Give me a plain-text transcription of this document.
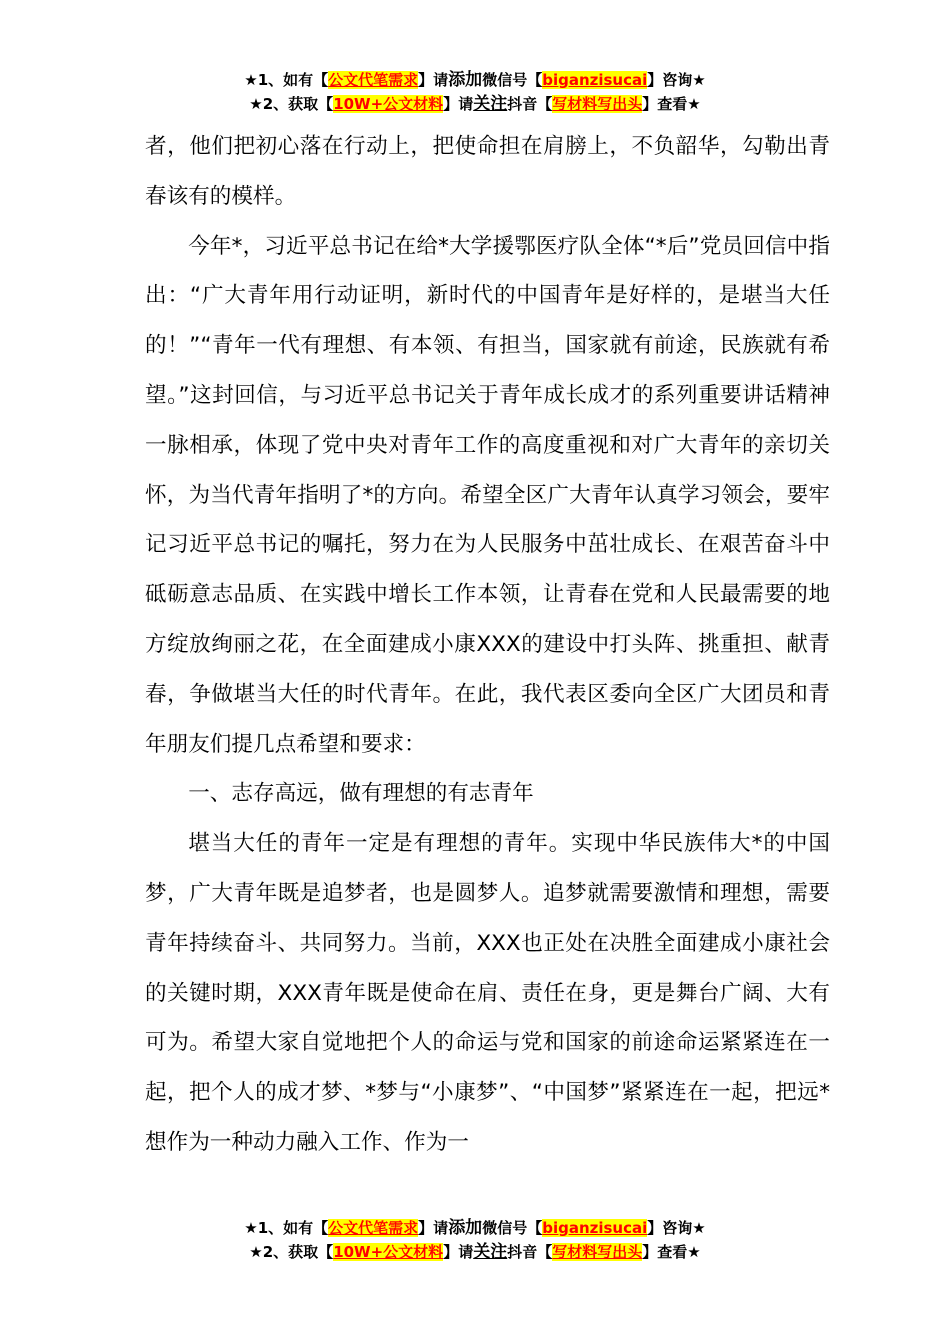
★1、如有【公文代笔需求】请添加微信号【biganzisucai】咨询★
★2、获取【10W+公文材料】请关注抖音【写材料写出头】查看★

者，他们把初心落在行动上，把使命担在肩膀上，不负韶华，勾勒出青春该有的模样。

今年*，习近平总书记在给*大学援鄂医疗队全体“*后”党员回信中指出：“广大青年用行动证明，新时代的中国青年是好样的，是堪当大任的！”“青年一代有理想、有本领、有担当，国家就有前途，民族就有希望。”这封回信，与习近平总书记关于青年成长成才的系列重要讲话精神一脉相承，体现了党中央对青年工作的高度重视和对广大青年的亲切关怀，为当代青年指明了*的方向。希望全区广大青年认真学习领会，要牢记习近平总书记的嘱托，努力在为人民服务中茁壮成长、在艰苦奋斗中砥砺意志品质、在实践中增长工作本领，让青春在党和人民最需要的地方绽放绚丽之花，在全面建成小康XXX的建设中打头阵、挑重担、献青春，争做堪当大任的时代青年。在此，我代表区委向全区广大团员和青年朋友们提几点希望和要求：

一、志存高远，做有理想的有志青年

堪当大任的青年一定是有理想的青年。实现中华民族伟大*的中国梦，广大青年既是追梦者，也是圆梦人。追梦就需要激情和理想，需要青年持续奋斗、共同努力。当前，XXX也正处在决胜全面建成小康社会的关键时期，XXX青年既是使命在肩、责任在身，更是舞台广阔、大有可为。希望大家自觉地把个人的命运与党和国家的前途命运紧紧连在一起，把个人的成才梦、*梦与“小康梦”、“中国梦”紧紧连在一起，把远*想作为一种动力融入工作、作为一

★1、如有【公文代笔需求】请添加微信号【biganzisucai】咨询★
★2、获取【10W+公文材料】请关注抖音【写材料写出头】查看★
